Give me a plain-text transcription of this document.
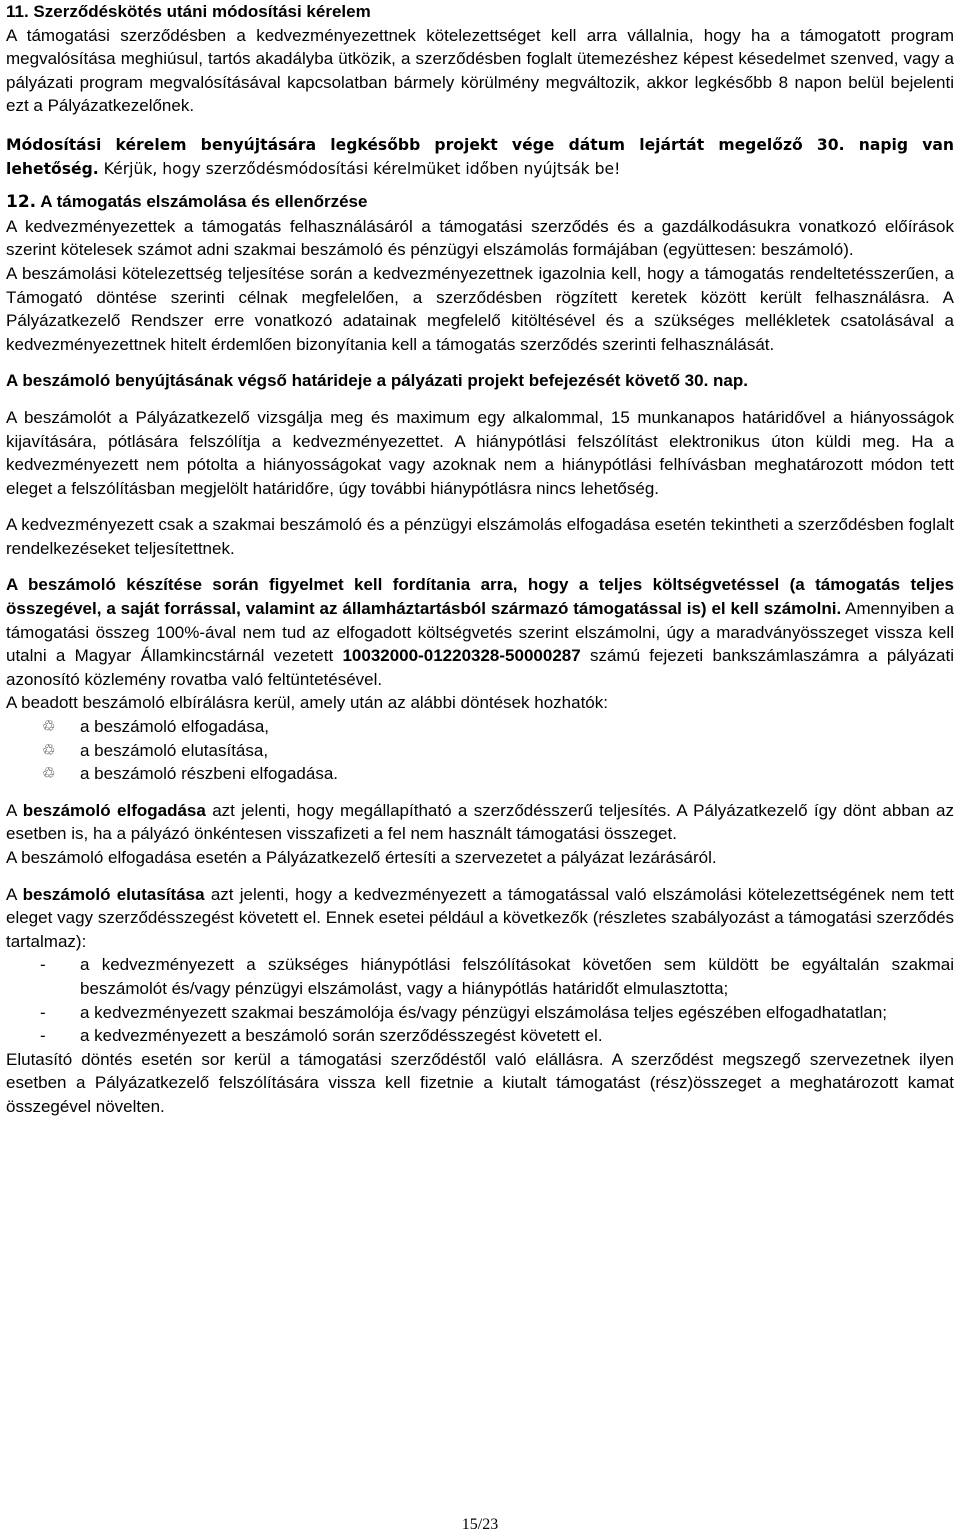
11. Szerződéskötés utáni módosítási kérelem

A támogatási szerződésben a kedvezményezettnek kötelezettséget kell arra vállalnia, hogy ha a támogatott program megvalósítása meghiúsul, tartós akadályba ütközik, a szerződésben foglalt ütemezéshez képest késedelmet szenved, vagy a pályázati program megvalósításával kapcsolatban bármely körülmény megváltozik, akkor legkésőbb 8 napon belül bejelenti ezt a Pályázatkezelőnek.

Módosítási kérelem benyújtására legkésőbb projekt vége dátum lejártát megelőző 30. napig van lehetőség. Kérjük, hogy szerződésmódosítási kérelmüket időben nyújtsák be!

12. A támogatás elszámolása és ellenőrzése

A kedvezményezettek a támogatás felhasználásáról a támogatási szerződés és a gazdálkodásukra vonatkozó előírások szerint kötelesek számot adni szakmai beszámoló és pénzügyi elszámolás formájában (együttesen: beszámoló).

A beszámolási kötelezettség teljesítése során a kedvezményezettnek igazolnia kell, hogy a támogatás rendeltetésszerűen, a Támogató döntése szerinti célnak megfelelően, a szerződésben rögzített keretek között került felhasználásra. A Pályázatkezelő Rendszer erre vonatkozó adatainak megfelelő kitöltésével és a szükséges mellékletek csatolásával a kedvezményezettnek hitelt érdemlően bizonyítania kell a támogatás szerződés szerinti felhasználását.

A beszámoló benyújtásának végső határideje a pályázati projekt befejezését követő 30. nap.

A beszámolót a Pályázatkezelő vizsgálja meg és maximum egy alkalommal, 15 munkanapos határidővel a hiányosságok kijavítására, pótlására felszólítja a kedvezményezettet. A hiánypótlási felszólítást elektronikus úton küldi meg. Ha a kedvezményezett nem pótolta a hiányosságokat vagy azoknak nem a hiánypótlási felhívásban meghatározott módon tett eleget a felszólításban megjelölt határidőre, úgy további hiánypótlásra nincs lehetőség.

A kedvezményezett csak a szakmai beszámoló és a pénzügyi elszámolás elfogadása esetén tekintheti a szerződésben foglalt rendelkezéseket teljesítettnek.

A beszámoló készítése során figyelmet kell fordítania arra, hogy a teljes költségvetéssel (a támogatás teljes összegével, a saját forrással, valamint az államháztartásból származó támogatással is) el kell számolni. Amennyiben a támogatási összeg 100%-ával nem tud az elfogadott költségvetés szerint elszámolni, úgy a maradványösszeget vissza kell utalni a Magyar Államkincstárnál vezetett 10032000-01220328-50000287 számú fejezeti bankszámlaszámra a pályázati azonosító közlemény rovatba való feltüntetésével.

A beadott beszámoló elbírálásra kerül, amely után az alábbi döntések hozhatók:

♲ a beszámoló elfogadása,
♲ a beszámoló elutasítása,
♲ a beszámoló részbeni elfogadása.

A beszámoló elfogadása azt jelenti, hogy megállapítható a szerződésszerű teljesítés. A Pályázatkezelő így dönt abban az esetben is, ha a pályázó önkéntesen visszafizeti a fel nem használt támogatási összeget.

A beszámoló elfogadása esetén a Pályázatkezelő értesíti a szervezetet a pályázat lezárásáról.

A beszámoló elutasítása azt jelenti, hogy a kedvezményezett a támogatással való elszámolási kötelezettségének nem tett eleget vagy szerződésszegést követett el. Ennek esetei például a következők (részletes szabályozást a támogatási szerződés tartalmaz):

- a kedvezményezett a szükséges hiánypótlási felszólításokat követően sem küldött be egyáltalán szakmai beszámolót és/vagy pénzügyi elszámolást, vagy a hiánypótlás határidőt elmulasztotta;

- a kedvezményezett szakmai beszámolója és/vagy pénzügyi elszámolása teljes egészében elfogadhatatlan;

- a kedvezményezett a beszámoló során szerződésszegést követett el.

Elutasító döntés esetén sor kerül a támogatási szerződéstől való elállásra. A szerződést megszegő szervezetnek ilyen esetben a Pályázatkezelő felszólítására vissza kell fizetnie a kiutalt támogatást (rész)összeget a meghatározott kamat összegével növelten.

15/23
